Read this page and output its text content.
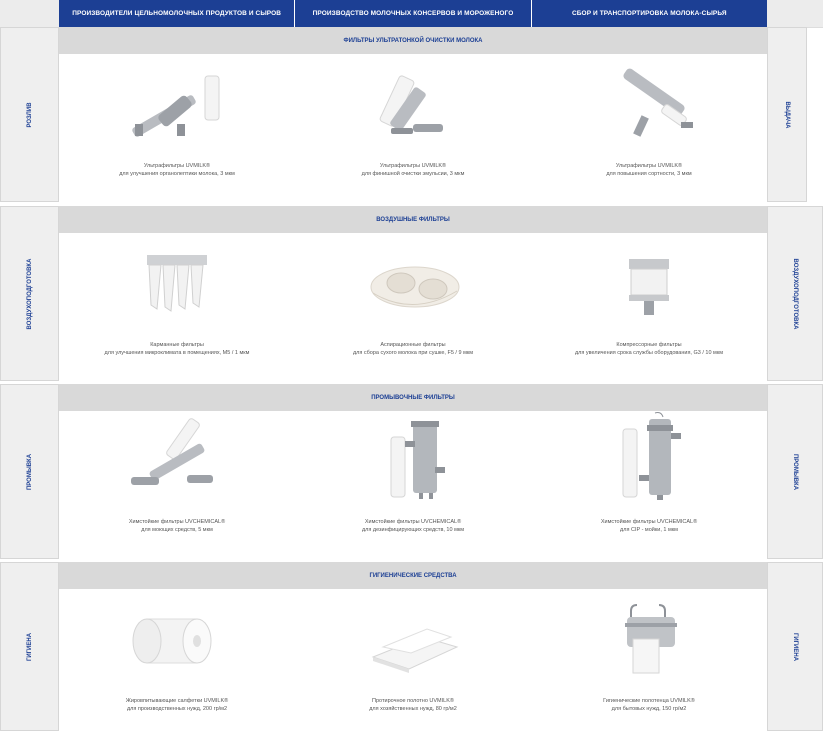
ПРОИЗВОДИТЕЛИ ЦЕЛЬНОМОЛОЧНЫХ ПРОДУКТОВ И СЫРОВ	ПРОИЗВОДСТВО МОЛОЧНЫХ КОНСЕРВОВ И МОРОЖЕНОГО	СБОР И ТРАНСПОРТИРОВКА МОЛОКА-СЫРЬЯ
РОЗЛИВ	ВЫДАЧА
ФИЛЬТРЫ УЛЬТРАТОНКОЙ ОЧИСТКИ МОЛОКА
Ультрафильтры UVMILK®
для улучшения органолептики молока, 3 мкм
Ультрафильтры UVMILK®
для финишной очистки эмульсии, 3 мкм
Ультрафильтры UVMILK®
для повышения сортности, 3 мкм
ВОЗДУХОПОДГОТОВКА	ВОЗДУХОПОДГОТОВКА
ВОЗДУШНЫЕ ФИЛЬТРЫ
Карманные фильтры
для улучшения микроклимата в помещениях, M5 / 1 мкм
Аспирационные фильтры
для сбора сухого молока при сушке, F5 / 9 мкм
Компрессорные фильтры
для увеличения срока службы оборудования, G3 / 10 мкм
ПРОМЫВКА	ПРОМЫВКА
ПРОМЫВОЧНЫЕ ФИЛЬТРЫ
Химстойкие фильтры UVCHEMICAL®
для моющих средств, 5 мкм
Химстойкие фильтры UVCHEMICAL®
для дезинфицирующих средств, 10 мкм
Химстойкие фильтры UVCHEMICAL®
для CIP - мойки, 1 мкм
ГИГИЕНА	ГИГИЕНА
ГИГИЕНИЧЕСКИЕ СРЕДСТВА
Жировпитывающие салфетки UVMILK®
для производственных нужд, 200 гр/м2
Протирочное полотно UVMILK®
для хозяйственных нужд, 80 гр/м2
Гигиенические полотенца UVMILK®
для бытовых нужд, 150 гр/м2
